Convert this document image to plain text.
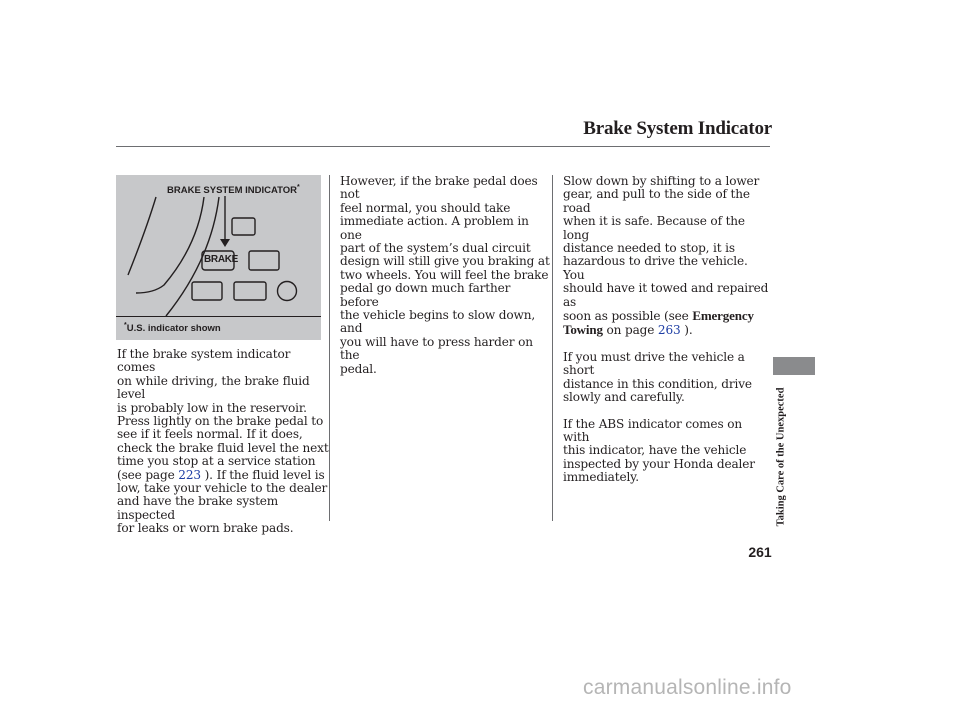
Brake System Indicator
BRAKE SYSTEM INDICATOR*
BRAKE
*U.S. indicator shown

If the brake system indicator comes
on while driving, the brake fluid level
is probably low in the reservoir.
Press lightly on the brake pedal to
see if it feels normal. If it does,
check the brake fluid level the next
time you stop at a service station
(see page 223 ). If the fluid level is
low, take your vehicle to the dealer
and have the brake system inspected
for leaks or worn brake pads.

However, if the brake pedal does not
feel normal, you should take
immediate action. A problem in one
part of the system’s dual circuit
design will still give you braking at
two wheels. You will feel the brake
pedal go down much farther before
the vehicle begins to slow down, and
you will have to press harder on the
pedal.

Slow down by shifting to a lower
gear, and pull to the side of the road
when it is safe. Because of the long
distance needed to stop, it is
hazardous to drive the vehicle. You
should have it towed and repaired as
soon as possible (see Emergency
Towing on page 263 ).

If you must drive the vehicle a short
distance in this condition, drive
slowly and carefully.

If the ABS indicator comes on with
this indicator, have the vehicle
inspected by your Honda dealer
immediately.	Taking Care of the Unexpected
261
carmanualsonline.info
